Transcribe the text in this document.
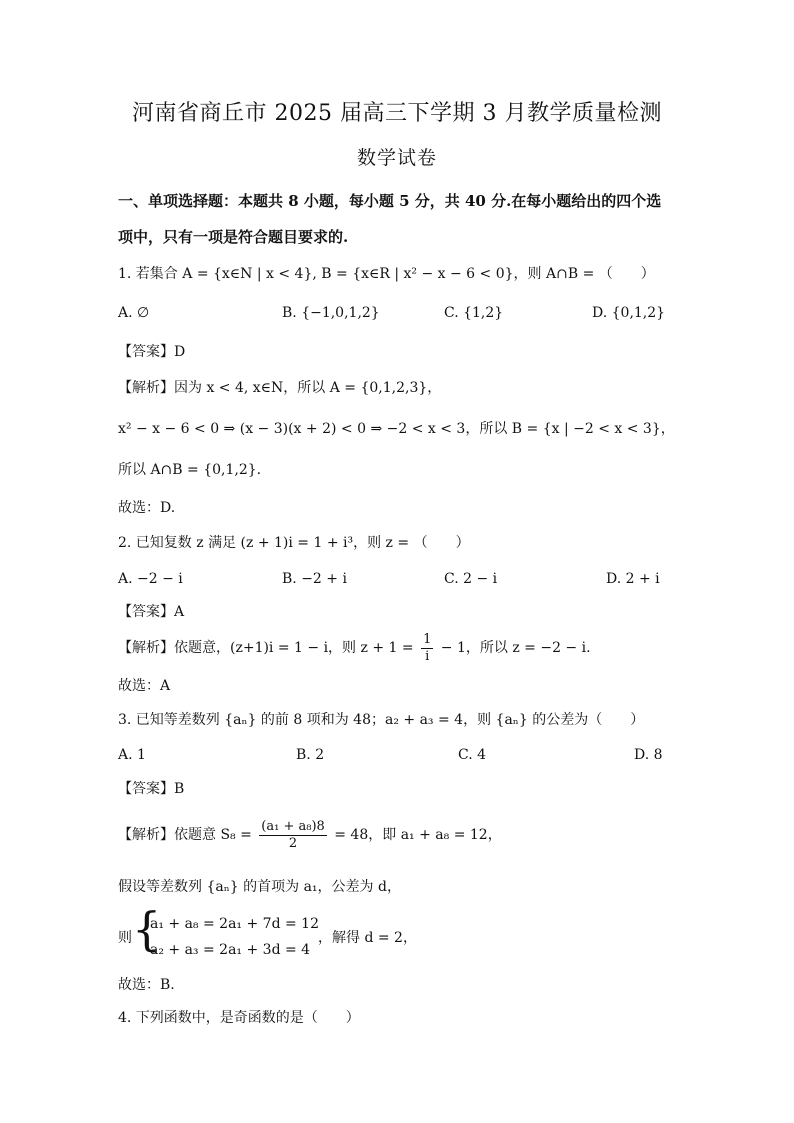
河南省商丘市 2025 届高三下学期 3 月教学质量检测
数学试卷
一、单项选择题：本题共 8 小题，每小题 5 分，共 40 分.在每小题给出的四个选
项中，只有一项是符合题目要求的.
1. 若集合 A = {x∈N | x < 4}, B = {x∈R | x² − x − 6 < 0}，则 A∩B = （　　）
A. ∅	B. {−1,0,1,2}	C. {1,2}	D. {0,1,2}
【答案】D
【解析】因为 x < 4, x∈N，所以 A = {0,1,2,3}，
x² − x − 6 < 0 ⇒ (x − 3)(x + 2) < 0 ⇒ −2 < x < 3，所以 B = {x | −2 < x < 3}，
所以 A∩B = {0,1,2}.
故选：D.
2. 已知复数 z 满足 (z + 1)i = 1 + i³，则 z = （　　）
A. −2 − i	B. −2 + i	C. 2 − i	D. 2 + i
【答案】A
【解析】依题意，(z+1)i = 1 − i，则 $z + 1 = \frac{1}{i} - 1$，所以 z = −2 − i.
故选：A
3. 已知等差数列 {aₙ} 的前 8 项和为 48；a₂ + a₃ = 4，则 {aₙ} 的公差为（　　）
A. 1	B. 2	C. 4	D. 8
【答案】B
【解析】依题意 $S_8 = \frac{\text{(a₁ + a₈)8}}{2} = 48$，即 a₁ + a₈ = 12，
假设等差数列 {aₙ} 的首项为 a₁，公差为 d，
则 {
a₁ + a₈ = 2a₁ + 7d = 12
a₂ + a₃ = 2a₁ + 3d = 4
，解得 d = 2，
故选：B.
4. 下列函数中，是奇函数的是（　　）
